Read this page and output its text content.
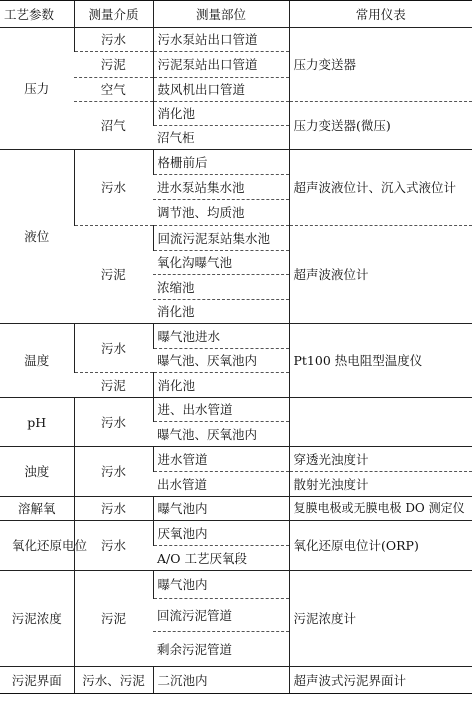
工艺参数	测量介质	测量部位	常用仪表
压力	污水	污水泵站出口管道	压力变送器
	污泥	污泥泵站出口管道	
	空气	鼓风机出口管道	
	沼气	消化池	压力变送器(微压)
		沼气柜	
液位	污水	格栅前后	超声波液位计、沉入式液位计
		进水泵站集水池	
		调节池、均质池	
	污泥	回流污泥泵站集水池	超声波液位计
		氧化沟曝气池	
		浓缩池	
		消化池	
温度	污水	曝气池进水	Pt100 热电阻型温度仪
		曝气池、厌氧池内	
	污泥	消化池	
pH	污水	进、出水管道	
		曝气池、厌氧池内	
浊度	污水	进水管道	穿透光浊度计
		出水管道	散射光浊度计
溶解氧	污水	曝气池内	复膜电极或无膜电极 DO 测定仪
氧化还原电位	污水	厌氧池内	氧化还原电位计(ORP)
		A/O 工艺厌氧段	
污泥浓度	污泥	曝气池内	污泥浓度计
		回流污泥管道	
		剩余污泥管道	
污泥界面	污水、污泥	二沉池内	超声波式污泥界面计
